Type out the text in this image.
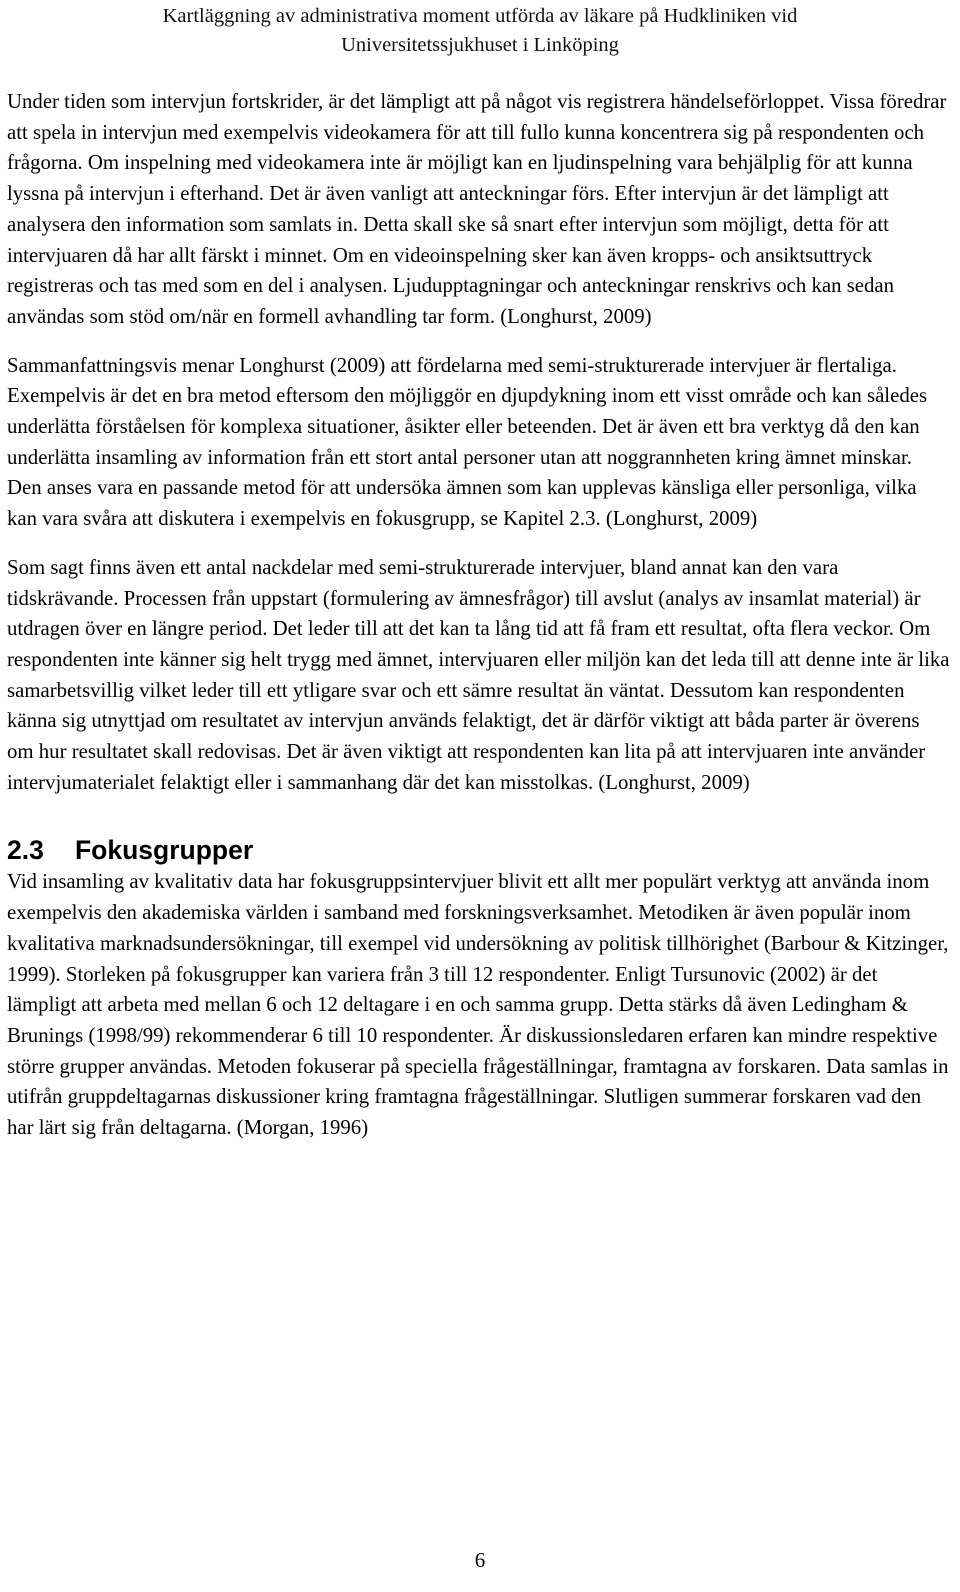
Kartläggning av administrativa moment utförda av läkare på Hudkliniken vid
Universitetssjukhuset i Linköping

Under tiden som intervjun fortskrider, är det lämpligt att på något vis registrera händelseförloppet. Vissa föredrar att spela in intervjun med exempelvis videokamera för att till fullo kunna koncentrera sig på respondenten och frågorna. Om inspelning med videokamera inte är möjligt kan en ljudinspelning vara behjälplig för att kunna lyssna på intervjun i efterhand. Det är även vanligt att anteckningar förs. Efter intervjun är det lämpligt att analysera den information som samlats in. Detta skall ske så snart efter intervjun som möjligt, detta för att intervjuaren då har allt färskt i minnet. Om en videoinspelning sker kan även kropps- och ansiktsuttryck registreras och tas med som en del i analysen. Ljudupptagningar och anteckningar renskrivs och kan sedan användas som stöd om/när en formell avhandling tar form. (Longhurst, 2009)

Sammanfattningsvis menar Longhurst (2009) att fördelarna med semi-strukturerade intervjuer är flertaliga. Exempelvis är det en bra metod eftersom den möjliggör en djupdykning inom ett visst område och kan således underlätta förståelsen för komplexa situationer, åsikter eller beteenden. Det är även ett bra verktyg då den kan underlätta insamling av information från ett stort antal personer utan att noggrannheten kring ämnet minskar. Den anses vara en passande metod för att undersöka ämnen som kan upplevas känsliga eller personliga, vilka kan vara svåra att diskutera i exempelvis en fokusgrupp, se Kapitel 2.3. (Longhurst, 2009)

Som sagt finns även ett antal nackdelar med semi-strukturerade intervjuer, bland annat kan den vara tidskrävande. Processen från uppstart (formulering av ämnesfrågor) till avslut (analys av insamlat material) är utdragen över en längre period. Det leder till att det kan ta lång tid att få fram ett resultat, ofta flera veckor. Om respondenten inte känner sig helt trygg med ämnet, intervjuaren eller miljön kan det leda till att denne inte är lika samarbetsvillig vilket leder till ett ytligare svar och ett sämre resultat än väntat. Dessutom kan respondenten känna sig utnyttjad om resultatet av intervjun används felaktigt, det är därför viktigt att båda parter är överens om hur resultatet skall redovisas. Det är även viktigt att respondenten kan lita på att intervjuaren inte använder intervjumaterialet felaktigt eller i sammanhang där det kan misstolkas. (Longhurst, 2009)

2.3 Fokusgrupper

Vid insamling av kvalitativ data har fokusgruppsintervjuer blivit ett allt mer populärt verktyg att använda inom exempelvis den akademiska världen i samband med forskningsverksamhet. Metodiken är även populär inom kvalitativa marknadsundersökningar, till exempel vid undersökning av politisk tillhörighet (Barbour & Kitzinger, 1999). Storleken på fokusgrupper kan variera från 3 till 12 respondenter. Enligt Tursunovic (2002) är det lämpligt att arbeta med mellan 6 och 12 deltagare i en och samma grupp. Detta stärks då även Ledingham & Brunings (1998/99) rekommenderar 6 till 10 respondenter. Är diskussionsledaren erfaren kan mindre respektive större grupper användas. Metoden fokuserar på speciella frågeställningar, framtagna av forskaren. Data samlas in utifrån gruppdeltagarnas diskussioner kring framtagna frågeställningar. Slutligen summerar forskaren vad den har lärt sig från deltagarna. (Morgan, 1996)

6
